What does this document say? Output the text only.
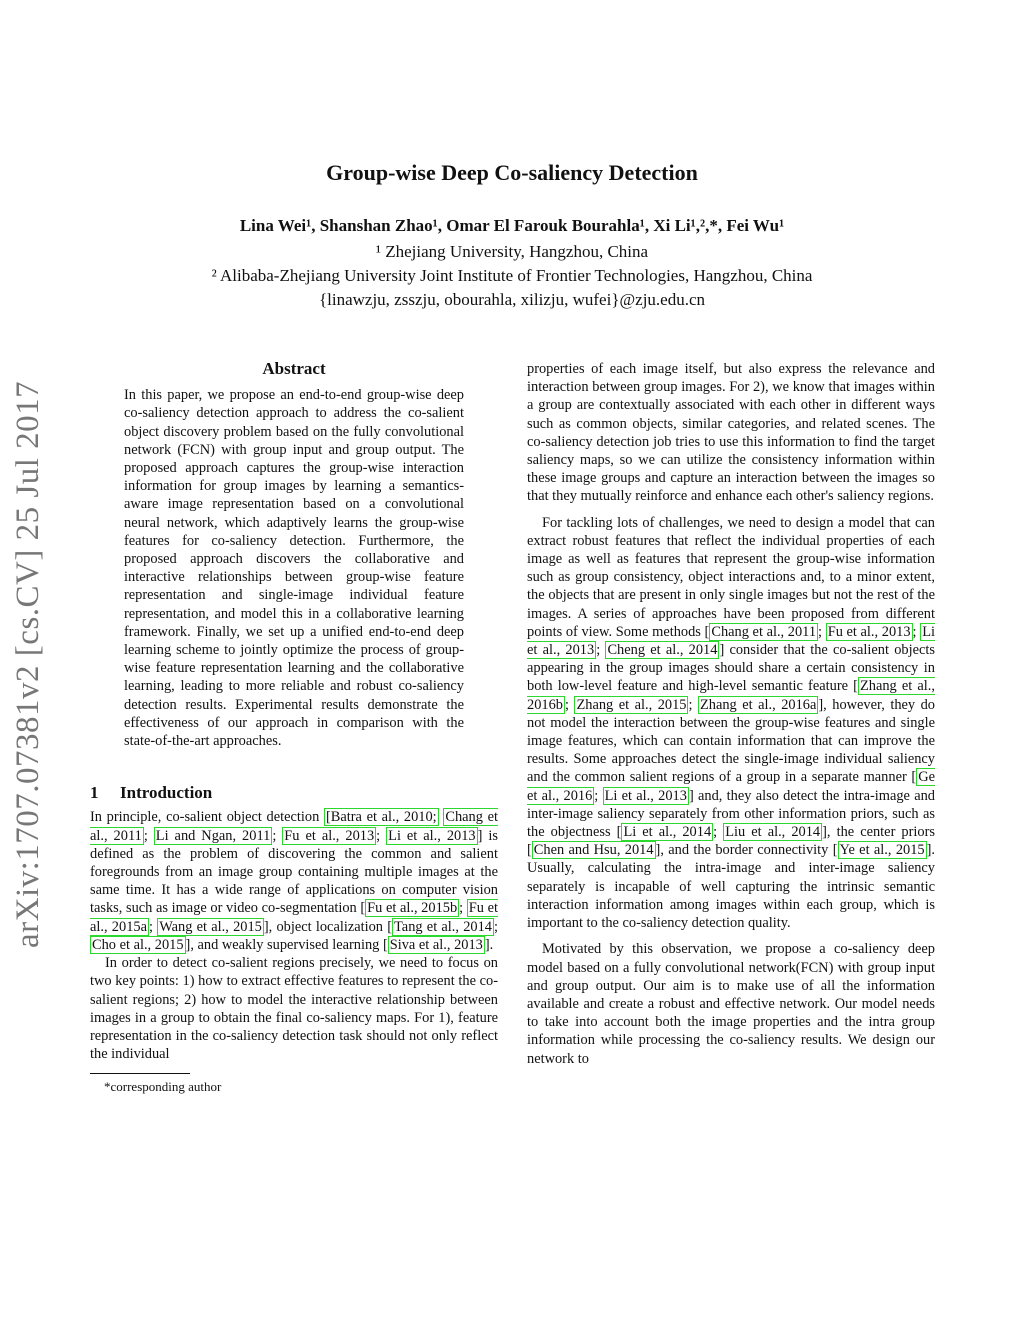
Group-wise Deep Co-saliency Detection
Lina Wei¹, Shanshan Zhao¹, Omar El Farouk Bourahla¹, Xi Li¹,²,*, Fei Wu¹
¹ Zhejiang University, Hangzhou, China
² Alibaba-Zhejiang University Joint Institute of Frontier Technologies, Hangzhou, China
{linawzju, zsszju, obourahla, xilizju, wufei}@zju.edu.cn
arXiv:1707.07381v2 [cs.CV] 25 Jul 2017
Abstract

In this paper, we propose an end-to-end group-wise deep co-saliency detection approach to address the co-salient object discovery problem based on the fully convolutional network (FCN) with group input and group output. The proposed approach captures the group-wise interaction information for group images by learning a semantics-aware image representation based on a convolutional neural network, which adaptively learns the group-wise features for co-saliency detection. Furthermore, the proposed approach discovers the collaborative and interactive relationships between group-wise feature representation and single-image individual feature representation, and model this in a collaborative learning framework. Finally, we set up a unified end-to-end deep learning scheme to jointly optimize the process of group-wise feature representation learning and the collaborative learning, leading to more reliable and robust co-saliency detection results. Experimental results demonstrate the effectiveness of our approach in comparison with the state-of-the-art approaches.

1 Introduction

In principle, co-salient object detection [Batra et al., 2010; Chang et al., 2011 ; Li and Ngan, 2011 ; Fu et al., 2013 ; Li et al., 2013 ] is defined as the problem of discovering the common and salient foregrounds from an image group containing multiple images at the same time. It has a wide range of applications on computer vision tasks, such as image or video co-segmentation [ Fu et al., 2015b ; Fu et al., 2015a ; Wang et al., 2015 ], object localization [ Tang et al., 2014 ; Cho et al., 2015 ], and weakly supervised learning [ Siva et al., 2013 ].

In order to detect co-salient regions precisely, we need to focus on two key points: 1) how to extract effective features to represent the co-salient regions; 2) how to model the interactive relationship between images in a group to obtain the final co-saliency maps. For 1), feature representation in the co-saliency detection task should not only reflect the individual

*corresponding author

properties of each image itself, but also express the relevance and interaction between group images. For 2), we know that images within a group are contextually associated with each other in different ways such as common objects, similar categories, and related scenes. The co-saliency detection job tries to use this information to find the target saliency maps, so we can utilize the consistency information within these image groups and capture an interaction between the images so that they mutually reinforce and enhance each other's saliency regions.

For tackling lots of challenges, we need to design a model that can extract robust features that reflect the individual properties of each image as well as features that represent the group-wise information such as group consistency, object interactions and, to a minor extent, the objects that are present in only single images but not the rest of the images. A series of approaches have been proposed from different points of view. Some methods [ Chang et al., 2011 ; Fu et al., 2013 ; Li et al., 2013 ; Cheng et al., 2014 ] consider that the co-salient objects appearing in the group images should share a certain consistency in both low-level feature and high-level semantic feature [ Zhang et al., 2016b ; Zhang et al., 2015 ; Zhang et al., 2016a ], however, they do not model the interaction between the group-wise features and single image features, which can contain information that can improve the results. Some approaches detect the single-image individual saliency and the common salient regions of a group in a separate manner [ Ge et al., 2016 ; Li et al., 2013 ] and, they also detect the intra-image and inter-image saliency separately from other information priors, such as the objectness [ Li et al., 2014 ; Liu et al., 2014 ], the center priors [ Chen and Hsu, 2014 ], and the border connectivity [ Ye et al., 2015 ]. Usually, calculating the intra-image and inter-image saliency separately is incapable of well capturing the intrinsic semantic interaction information among images within each group, which is important to the co-saliency detection quality.

Motivated by this observation, we propose a co-saliency deep model based on a fully convolutional network(FCN) with group input and group output. Our aim is to make use of all the information available and create a robust and effective network. Our model needs to take into account both the image properties and the intra group information while processing the co-saliency results. We design our network to
